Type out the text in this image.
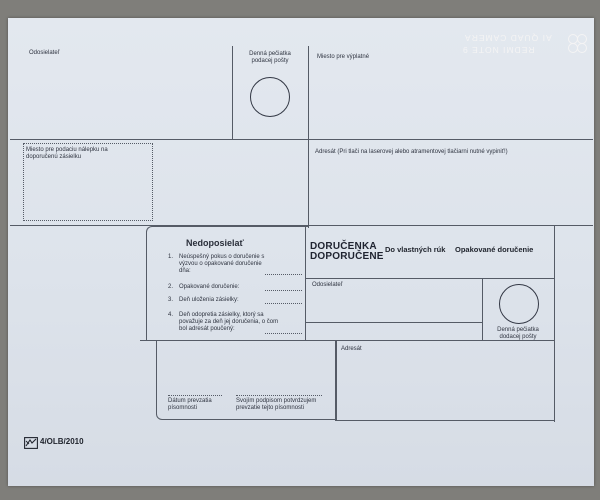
Odosielateľ	Denná pečiatka podacej pošty
Miesto pre výplatné
Miesto pre podaciu nálepku na doporučenú zásielku
Adresát (Pri tlači na laserovej alebo atramentovej tlačiarni nutné vypiniť!)
Nedoposielať
1. Neúspešný pokus o doručenie s výzvou o opakované doručenie dňa:
2. Opakované doručenie:
3. Deň uloženia zásielky:
4. Deň odopretia zásielky, ktorý sa považuje za deň jej doručenia, o čom bol adresát poučený:
DORUČENKA DOPORUČENE
Do vlastných rúk Opakované doručenie
Odosielateľ
Denná pečiatka dodacej pošty
Dátum prevzatia písomnosti
Svojím podpisom potvrdzujem prevzatie tejto písomnosti
Adresát
4/OLB/2010
REDMI NOTE 9
AI QUAD CAMERA
